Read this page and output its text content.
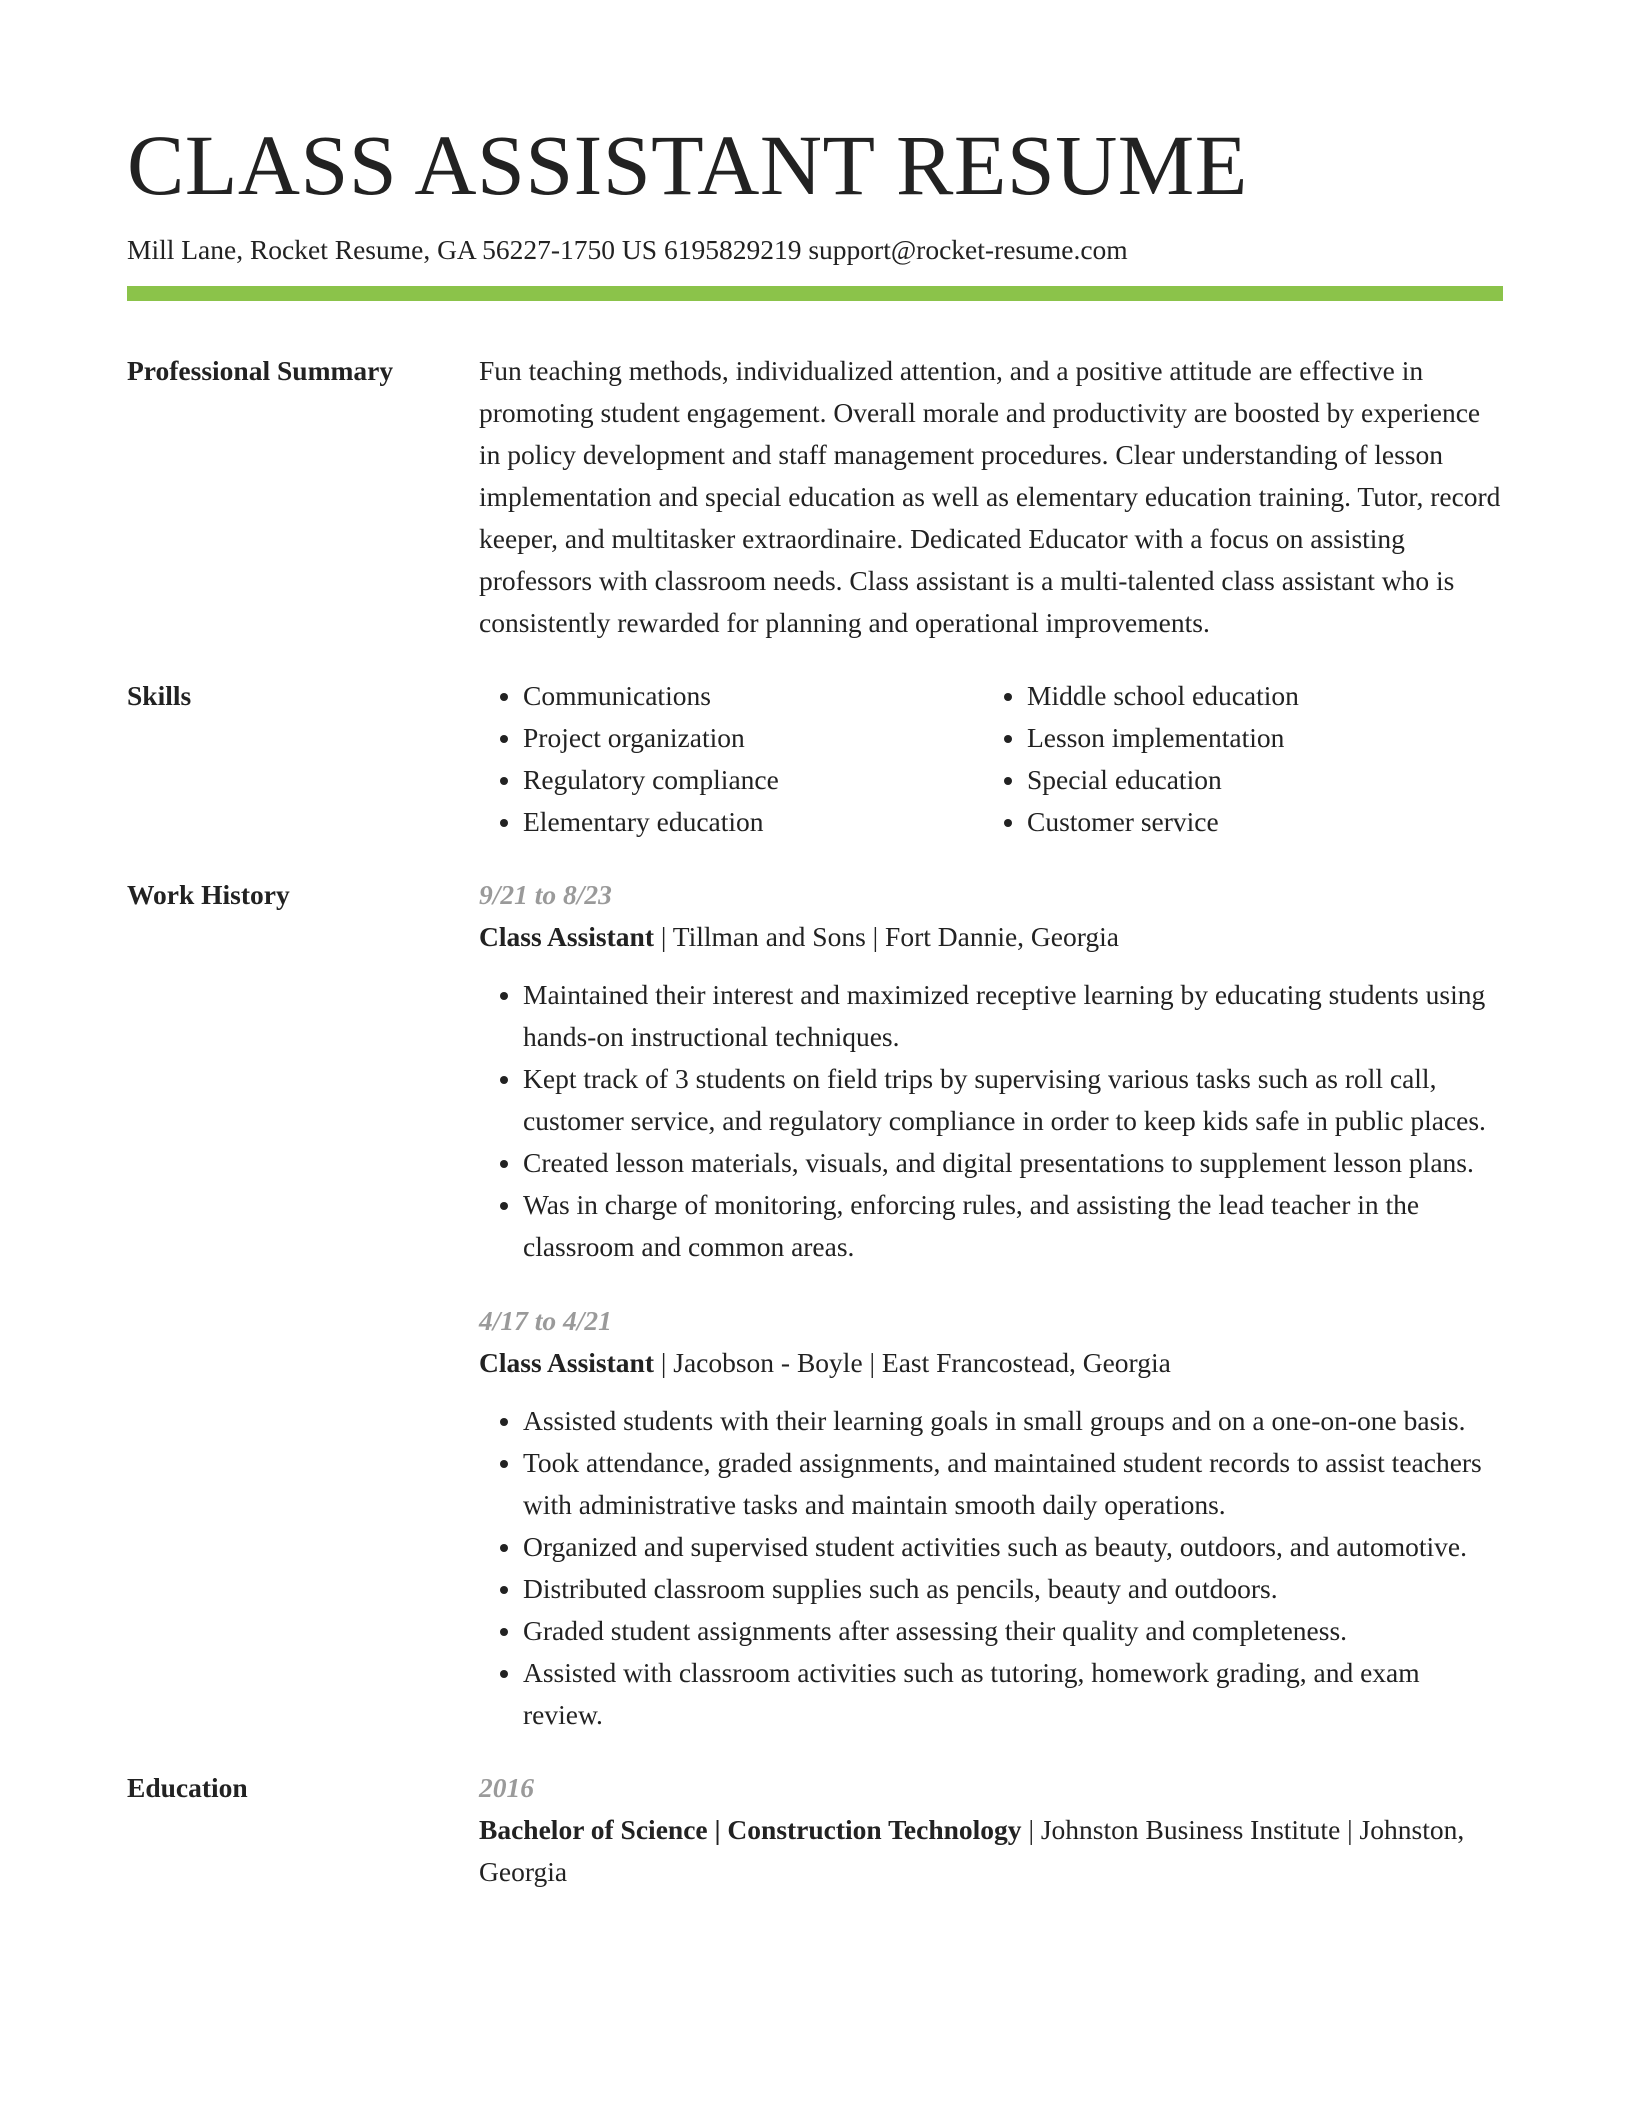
CLASS ASSISTANT RESUME
Mill Lane, Rocket Resume, GA 56227-1750 US 6195829219 support@rocket-resume.com
Professional Summary	Fun teaching methods, individualized attention, and a positive attitude are effective in promoting student engagement. Overall morale and productivity are boosted by experience in policy development and staff management procedures. Clear understanding of lesson implementation and special education as well as elementary education training. Tutor, record keeper, and multitasker extraordinaire. Dedicated Educator with a focus on assisting professors with classroom needs. Class assistant is a multi-talented class assistant who is consistently rewarded for planning and operational improvements.

Skills
•	Communications
• Project organization
• Regulatory compliance
• Elementary education
• Middle school education
• Lesson implementation
• Special education
• Customer service
Work History	9/21 to 8/23
Class Assistant | Tillman and Sons | Fort Dannie, Georgia
• Maintained their interest and maximized receptive learning by educating students using hands-on instructional techniques.
• Kept track of 3 students on field trips by supervising various tasks such as roll call, customer service, and regulatory compliance in order to keep kids safe in public places.
• Created lesson materials, visuals, and digital presentations to supplement lesson plans.
• Was in charge of monitoring, enforcing rules, and assisting the lead teacher in the classroom and common areas.
4/17 to 4/21
Class Assistant | Jacobson - Boyle | East Francostead, Georgia
• Assisted students with their learning goals in small groups and on a one-on-one basis.
• Took attendance, graded assignments, and maintained student records to assist teachers with administrative tasks and maintain smooth daily operations.
• Organized and supervised student activities such as beauty, outdoors, and automotive.
• Distributed classroom supplies such as pencils, beauty and outdoors.
• Graded student assignments after assessing their quality and completeness.
• Assisted with classroom activities such as tutoring, homework grading, and exam review.
Education	2016
Bachelor of Science | Construction Technology | Johnston Business Institute | Johnston, Georgia
